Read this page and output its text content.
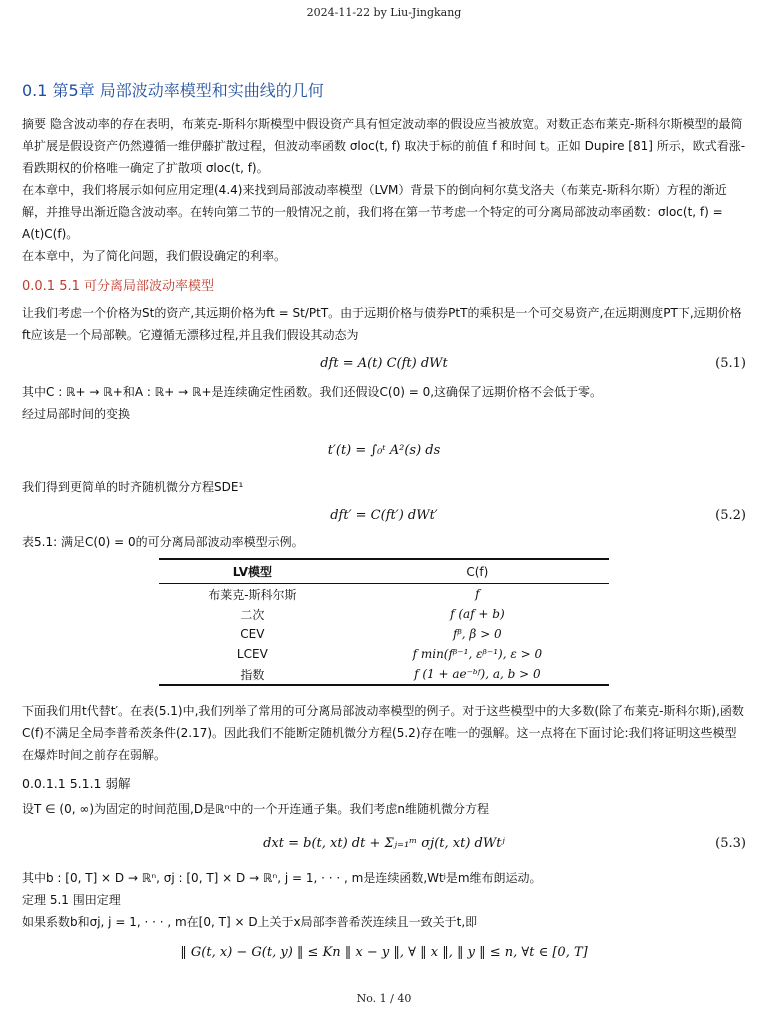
2024-11-22 by Liu-Jingkang
0.1 第5章 局部波动率模型和实曲线的几何

摘要 隐含波动率的存在表明，布莱克-斯科尔斯模型中假设资产具有恒定波动率的假设应当被放宽。对数正态布莱克-斯科尔斯模型的最简单扩展是假设资产仍然遵循一维伊藤扩散过程，但波动率函数 σloc(t, f) 取决于标的前值 f 和时间 t。正如 Dupire [81] 所示，欧式看涨-看跌期权的价格唯一确定了扩散项 σloc(t, f)。

在本章中，我们将展示如何应用定理(4.4)来找到局部波动率模型（LVM）背景下的倒向柯尔莫戈洛夫（布莱克-斯科尔斯）方程的渐近解，并推导出渐近隐含波动率。在转向第二节的一般情况之前，我们将在第一节考虑一个特定的可分离局部波动率函数：σloc(t, f) = A(t)C(f)。

在本章中，为了简化问题，我们假设确定的利率。

0.0.1 5.1 可分离局部波动率模型

让我们考虑一个价格为St的资产,其远期价格为ft = St/PtT。由于远期价格与债券PtT的乘积是一个可交易资产,在远期测度PT下,远期价格ft应该是一个局部鞅。它遵循无漂移过程,并且我们假设其动态为

dft = A(t) C(ft) dWt	(5.1)

其中C : ℝ+ → ℝ+和A : ℝ+ → ℝ+是连续确定性函数。我们还假设C(0) = 0,这确保了远期价格不会低于零。

经过局部时间的变换

t′(t) = ∫₀ᵗ A²(s) ds

我们得到更简单的时齐随机微分方程SDE¹

dft′ = C(ft′) dWt′	(5.2)
表5.1: 满足C(0) = 0的可分离局部波动率模型示例。
LV模型	C(f)
布莱克-斯科尔斯	f
二次	f (af + b)
CEV	fᵝ, β > 0
LCEV	f min(fᵝ⁻¹, εᵝ⁻¹), ε > 0
指数	f (1 + ae⁻ᵇᶠ), a, b > 0

下面我们用t代替t′。在表(5.1)中,我们列举了常用的可分离局部波动率模型的例子。对于这些模型中的大多数(除了布莱克-斯科尔斯),函数C(f)不满足全局李普希茨条件(2.17)。因此我们不能断定随机微分方程(5.2)存在唯一的强解。这一点将在下面讨论:我们将证明这些模型在爆炸时间之前存在弱解。

0.0.1.1 5.1.1 弱解

设T ∈ (0, ∞)为固定的时间范围,D是ℝⁿ中的一个开连通子集。我们考虑n维随机微分方程

dxt = b(t, xt) dt + Σⱼ₌₁ᵐ σj(t, xt) dWtʲ	(5.3)

其中b : [0, T] × D → ℝⁿ, σj : [0, T] × D → ℝⁿ, j = 1, · · · , m是连续函数,Wtʲ是m维布朗运动。

定理 5.1 围田定理

如果系数b和σj, j = 1, · · · , m在[0, T] × D上关于x局部李普希茨连续且一致关于t,即

‖ G(t, x) − G(t, y) ‖ ≤ Kn ‖ x − y ‖, ∀ ‖ x ‖, ‖ y ‖ ≤ n, ∀t ∈ [0, T]
No. 1 / 40
